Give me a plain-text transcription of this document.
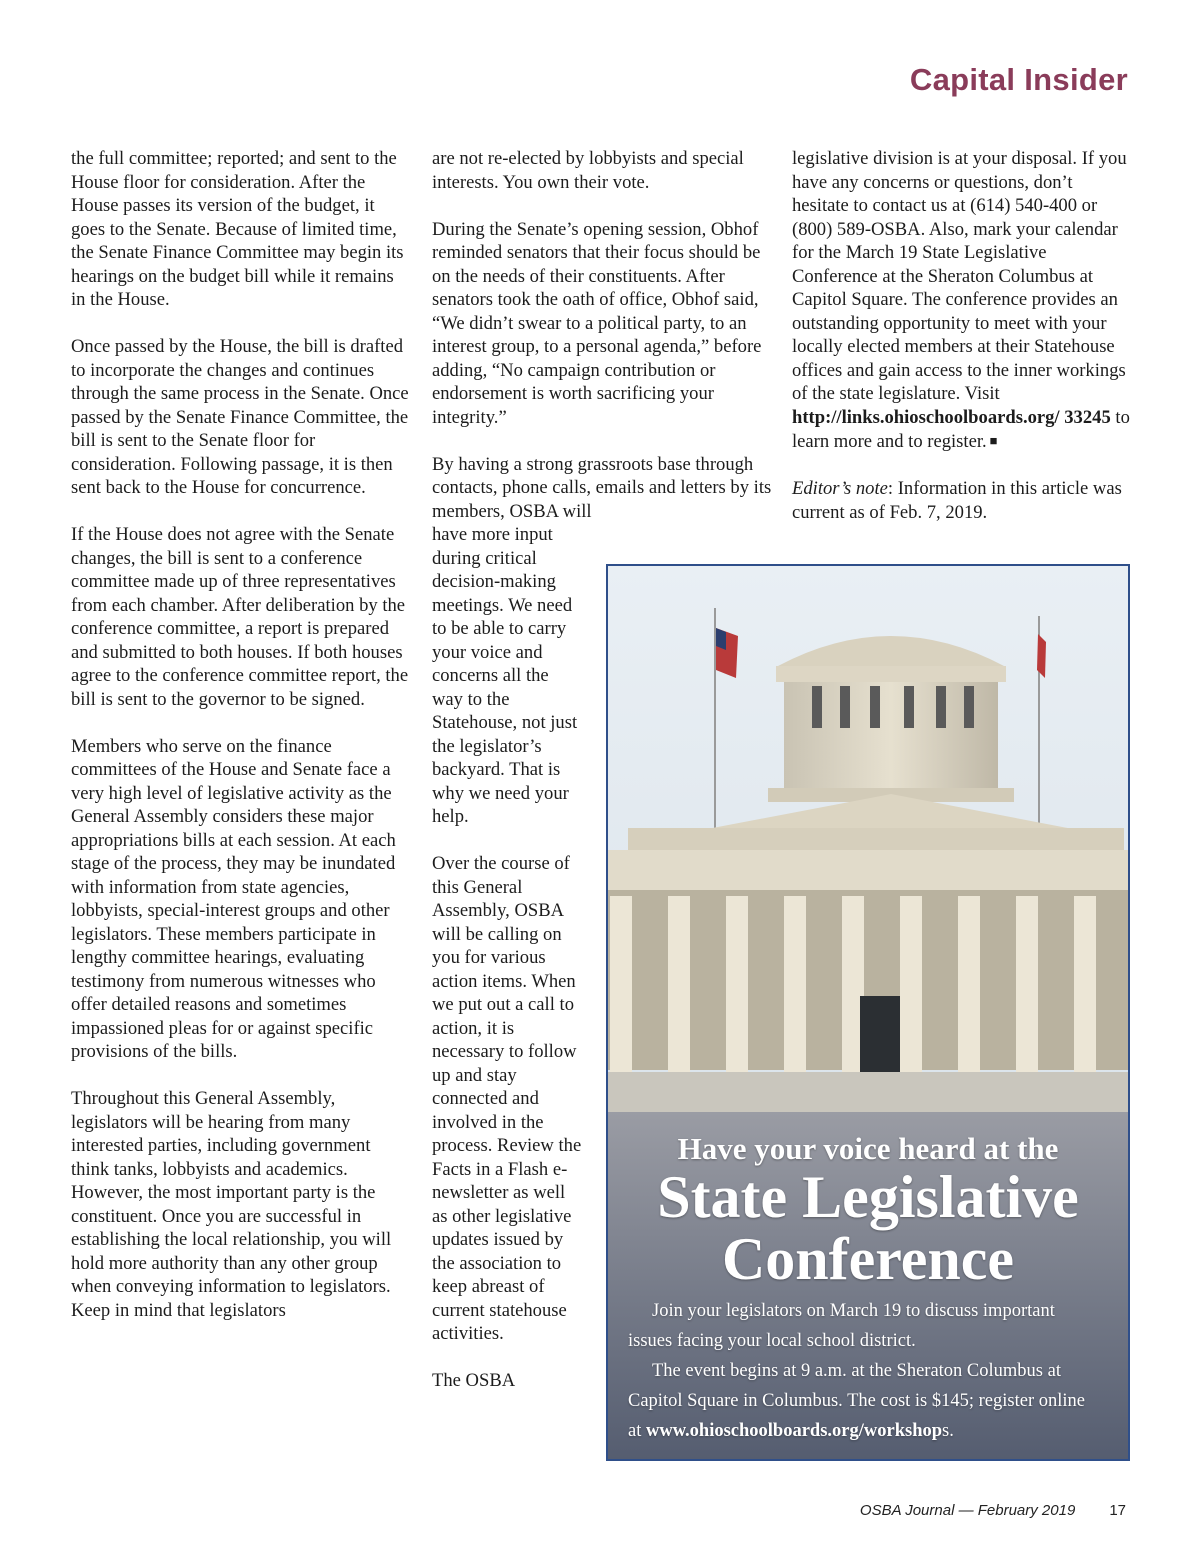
Capital Insider

the full committee; reported; and sent to the House floor for consideration. After the House passes its version of the budget, it goes to the Senate. Because of limited time, the Senate Finance Committee may begin its hearings on the budget bill while it remains in the House.

Once passed by the House, the bill is drafted to incorporate the changes and continues through the same process in the Senate. Once passed by the Senate Finance Committee, the bill is sent to the Senate floor for consideration. Following passage, it is then sent back to the House for concurrence.

If the House does not agree with the Senate changes, the bill is sent to a conference committee made up of three representatives from each chamber. After deliberation by the conference committee, a report is prepared and submitted to both houses. If both houses agree to the conference committee report, the bill is sent to the governor to be signed.

Members who serve on the finance committees of the House and Senate face a very high level of legislative activity as the General Assembly considers these major appropriations bills at each session. At each stage of the process, they may be inundated with information from state agencies, lobbyists, special-interest groups and other legislators. These members participate in lengthy committee hearings, evaluating testimony from numerous witnesses who offer detailed reasons and sometimes impassioned pleas for or against specific provisions of the bills.

Throughout this General Assembly, legislators will be hearing from many interested parties, including government think tanks, lobbyists and academics. However, the most important party is the constituent. Once you are successful in establishing the local relationship, you will hold more authority than any other group when conveying information to legislators. Keep in mind that legislators

are not re-elected by lobbyists and special interests. You own their vote.

During the Senate’s opening session, Obhof reminded senators that their focus should be on the needs of their constituents. After senators took the oath of office, Obhof said, “We didn’t swear to a political party, to an interest group, to a personal agenda,” before adding, “No campaign contribution or endorsement is worth sacrificing your integrity.”

By having a strong grassroots base through contacts, phone calls, emails and letters by its members, OSBA will
have more input during critical decision-making meetings. We need to be able to carry your voice and concerns all the way to the Statehouse, not just the legislator’s backyard. That is why we need your help.

Over the course of this General Assembly, OSBA will be calling on you for various action items. When we put out a call to action, it is necessary to follow up and stay connected and involved in the process. Review the Facts in a Flash e-newsletter as well as other legislative updates issued by the association to keep abreast of current statehouse activities.

The OSBA

legislative division is at your disposal. If you have any concerns or questions, don’t hesitate to contact us at (614) 540-400 or (800) 589-OSBA. Also, mark your calendar for the March 19 State Legislative Conference at the Sheraton Columbus at Capitol Square. The conference provides an outstanding opportunity to meet with your locally elected members at their Statehouse offices and gain access to the inner workings of the state legislature. Visit http://links.ohioschoolboards.org/ 33245 to learn more and to register. ■

Editor’s note: Information in this article was current as of Feb. 7, 2019.

Have your voice heard at the
State Legislative
Conference

Join your legislators on March 19 to discuss important issues facing your local school district.

The event begins at 9 a.m. at the Sheraton Columbus at Capitol Square in Columbus. The cost is $145; register online at www.ohioschoolboards.org/workshops.

OSBA Journal — February 2019 17
